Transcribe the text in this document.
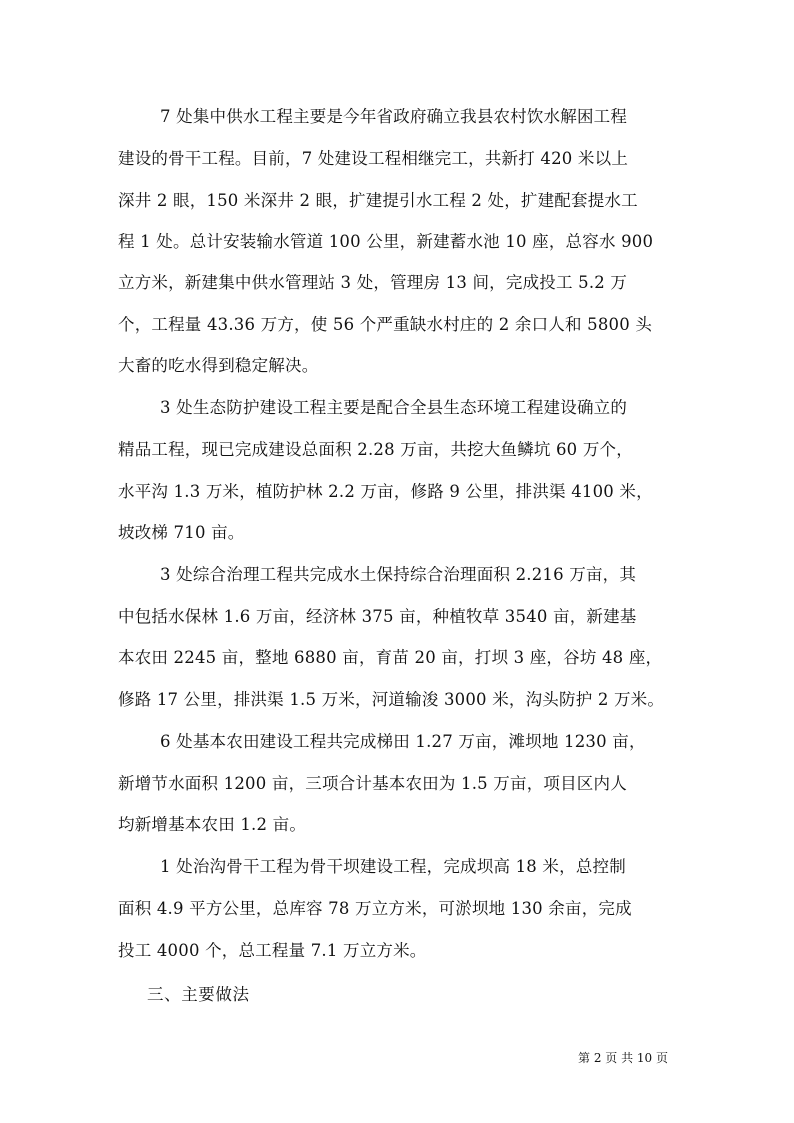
7 处集中供水工程主要是今年省政府确立我县农村饮水解困工程
建设的骨干工程。目前，7 处建设工程相继完工，共新打 420 米以上
深井 2 眼，150 米深井 2 眼，扩建提引水工程 2 处，扩建配套提水工
程 1 处。总计安装输水管道 100 公里，新建蓄水池 10 座，总容水 900
立方米，新建集中供水管理站 3 处，管理房 13 间，完成投工 5.2 万
个，工程量 43.36 万方，使 56 个严重缺水村庄的 2 余口人和 5800 头
大畜的吃水得到稳定解决。
3 处生态防护建设工程主要是配合全县生态环境工程建设确立的
精品工程，现已完成建设总面积 2.28 万亩，共挖大鱼鳞坑 60 万个，
水平沟 1.3 万米，植防护林 2.2 万亩，修路 9 公里，排洪渠 4100 米，
坡改梯 710 亩。
3 处综合治理工程共完成水土保持综合治理面积 2.216 万亩，其
中包括水保林 1.6 万亩，经济林 375 亩，种植牧草 3540 亩，新建基
本农田 2245 亩，整地 6880 亩，育苗 20 亩，打坝 3 座，谷坊 48 座，
修路 17 公里，排洪渠 1.5 万米，河道输浚 3000 米，沟头防护 2 万米。
6 处基本农田建设工程共完成梯田 1.27 万亩，滩坝地 1230 亩，
新增节水面积 1200 亩，三项合计基本农田为 1.5 万亩，项目区内人
均新增基本农田 1.2 亩。
1 处治沟骨干工程为骨干坝建设工程，完成坝高 18 米，总控制
面积 4.9 平方公里，总库容 78 万立方米，可淤坝地 130 余亩，完成
投工 4000 个，总工程量 7.1 万立方米。
三、主要做法
第 2 页 共 10 页
